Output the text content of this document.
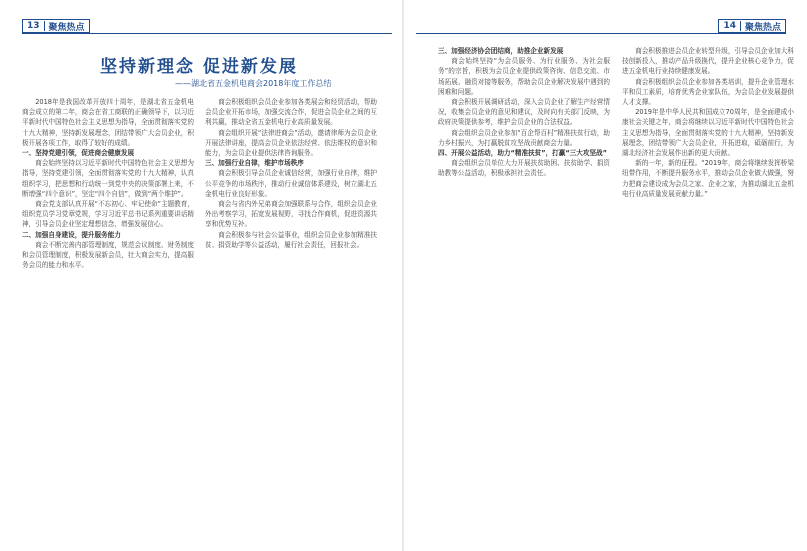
13	聚焦热点
坚持新理念 促进新发展
——湖北省五金机电商会2018年度工作总结

2018年是我国改革开放四十周年，是湖北省五金机电商会成立的第二年，商会在省工商联的正确领导下，以习近平新时代中国特色社会主义思想为指导，全面贯彻落实党的十九大精神，坚持新发展理念，团结带领广大会员企业，积极开展各项工作，取得了较好的成绩。

一、坚持党建引领，促进商会健康发展

商会始终坚持以习近平新时代中国特色社会主义思想为指导，坚持党建引领，全面贯彻落实党的十九大精神，认真组织学习，把思想和行动统一到党中央的决策部署上来，不断增强“四个意识”，坚定“四个自信”，做到“两个维护”。

商会党支部认真开展“不忘初心、牢记使命”主题教育，组织党员学习党章党规，学习习近平总书记系列重要讲话精神，引导会员企业坚定理想信念，增强发展信心。

二、加强自身建设，提升服务能力

商会不断完善内部管理制度，规范会议制度、财务制度和会员管理制度，积极发展新会员，壮大商会实力，提高服务会员的能力和水平。

商会积极组织会员企业参加各类展会和经贸活动，帮助会员企业开拓市场，加强交流合作，促进会员企业之间的互利共赢，推动全省五金机电行业高质量发展。

商会组织开展“法律进商会”活动，邀请律师为会员企业开展法律讲座，提高会员企业依法经营、依法维权的意识和能力，为会员企业提供法律咨询服务。

三、加强行业自律，维护市场秩序

商会积极引导会员企业诚信经营，加强行业自律，维护公平竞争的市场秩序，推动行业诚信体系建设，树立湖北五金机电行业良好形象。

商会与省内外兄弟商会加强联系与合作，组织会员企业外出考察学习，拓宽发展视野，寻找合作商机，促进资源共享和优势互补。

商会积极参与社会公益事业，组织会员企业参加精准扶贫、捐资助学等公益活动，履行社会责任，回报社会。

14	聚焦热点

三、加强经济协会团结商，助推企业新发展

商会始终坚持“为会员服务、为行业服务、为社会服务”的宗旨，积极为会员企业提供政策咨询、信息交流、市场拓展、融资对接等服务，帮助会员企业解决发展中遇到的困难和问题。

商会积极开展调研活动，深入会员企业了解生产经营情况，收集会员企业的意见和建议，及时向有关部门反映，为政府决策提供参考，维护会员企业的合法权益。

商会组织会员企业参加“百企帮百村”精准扶贫行动，助力乡村振兴，为打赢脱贫攻坚战贡献商会力量。

四、开展公益活动，助力“精准扶贫”，打赢“三大攻坚战”

商会组织会员单位大力开展扶贫助困、扶贫助学、捐资助教等公益活动，积极承担社会责任。

商会积极推进会员企业转型升级，引导会员企业加大科技创新投入，推动产品升级换代，提升企业核心竞争力，促进五金机电行业持续健康发展。

商会积极组织会员企业参加各类培训，提升企业管理水平和员工素质，培育优秀企业家队伍，为会员企业发展提供人才支撑。

2019年是中华人民共和国成立70周年，是全面建成小康社会关键之年，商会将继续以习近平新时代中国特色社会主义思想为指导，全面贯彻落实党的十九大精神，坚持新发展理念，团结带领广大会员企业，开拓进取，砥砺前行，为湖北经济社会发展作出新的更大贡献。

新的一年，新的征程。“2019年，商会将继续发挥桥梁纽带作用，不断提升服务水平，推动会员企业做大做强，努力把商会建设成为会员之家、企业之家，为推动湖北五金机电行业高质量发展贡献力量。”
